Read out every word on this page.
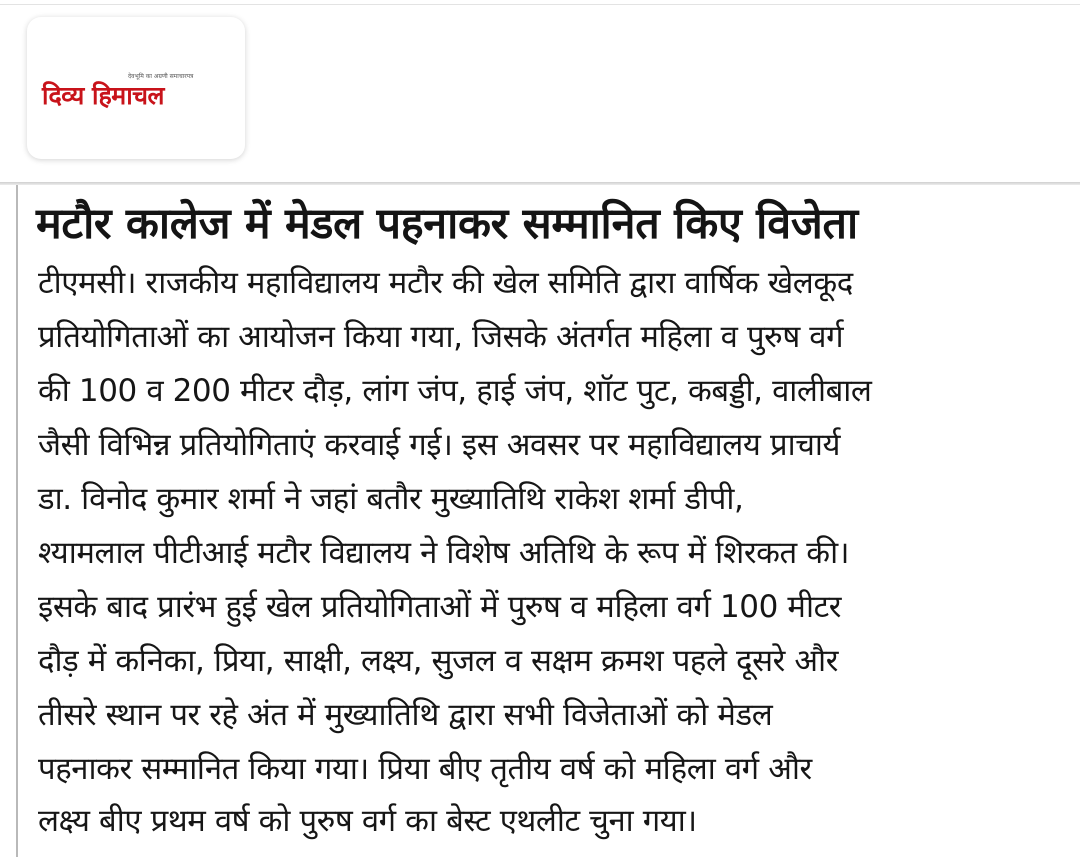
देवभूमि का अग्रणी समाचारपत्र
दिव्य हिमाचल
मटौर कालेज में मेडल पहनाकर सम्मानित किए विजेता
टीएमसी। राजकीय महाविद्यालय मटौर की खेल समिति द्वारा वार्षिक खेलकूद
प्रतियोगिताओं का आयोजन किया गया, जिसके अंतर्गत महिला व पुरुष वर्ग
की 100 व 200 मीटर दौड़, लांग जंप, हाई जंप, शॉट पुट, कबड्डी, वालीबाल
जैसी विभिन्न प्रतियोगिताएं करवाई गई। इस अवसर पर महाविद्यालय प्राचार्य
डा. विनोद कुमार शर्मा ने जहां बतौर मुख्यातिथि राकेश शर्मा डीपी,
श्यामलाल पीटीआई मटौर विद्यालय ने विशेष अतिथि के रूप में शिरकत की।
इसके बाद प्रारंभ हुई खेल प्रतियोगिताओं में पुरुष व महिला वर्ग 100 मीटर
दौड़ में कनिका, प्रिया, साक्षी, लक्ष्य, सुजल व सक्षम क्रमश पहले दूसरे और
तीसरे स्थान पर रहे अंत में मुख्यातिथि द्वारा सभी विजेताओं को मेडल
पहनाकर सम्मानित किया गया। प्रिया बीए तृतीय वर्ष को महिला वर्ग और
लक्ष्य बीए प्रथम वर्ष को पुरुष वर्ग का बेस्ट एथलीट चुना गया।
